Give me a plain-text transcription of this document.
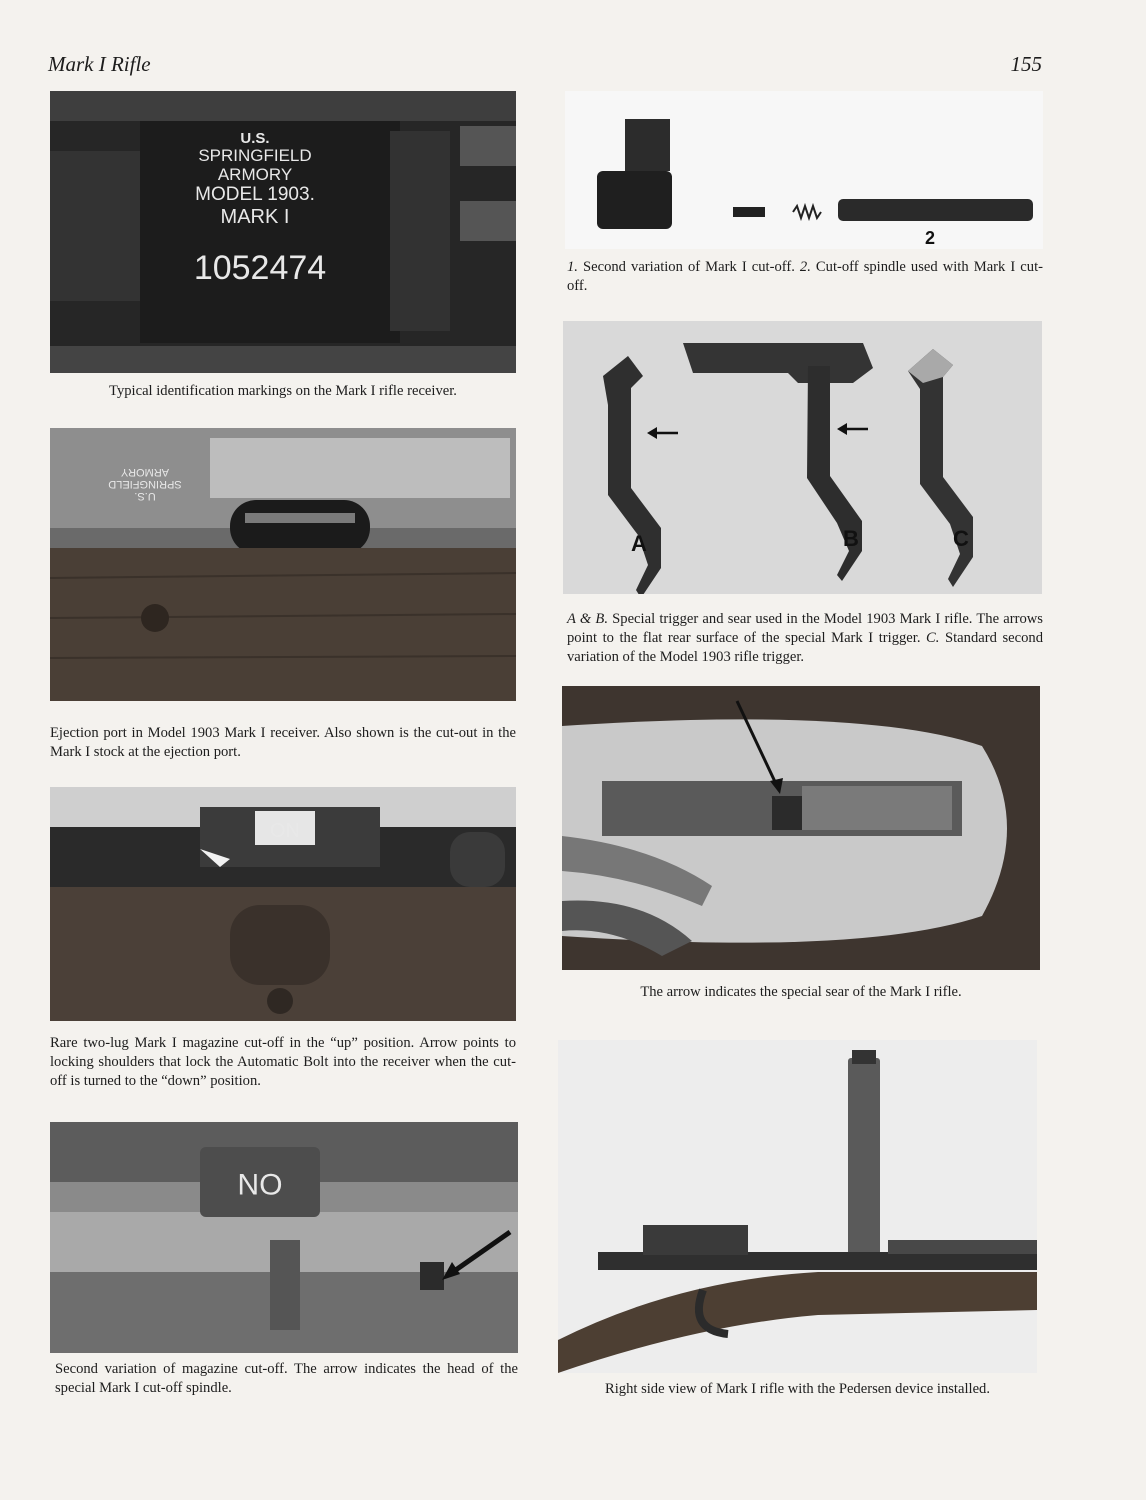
Mark I Rifle	155
U.S.
SPRINGFIELD
ARMORY
MODEL 1903.
MARK I
1052474
Typical identification markings on the Mark I rifle receiver.
U.S.
SPRINGFIELD
ARMORY
Ejection port in Model 1903 Mark I receiver. Also shown is the cut-out in the Mark I stock at the ejection port.
ON
Rare two-lug Mark I magazine cut-off in the “up” position. Arrow points to locking shoulders that lock the Automatic Bolt into the receiver when the cut-off is turned to the “down” position.
ON
Second variation of magazine cut-off. The arrow indicates the head of the special Mark I cut-off spindle.
2
1. Second variation of Mark I cut-off. 2. Cut-off spindle used with Mark I cut-off.
A	B	C
A & B. Special trigger and sear used in the Model 1903 Mark I rifle. The arrows point to the flat rear surface of the special Mark I trigger. C. Standard second variation of the Model 1903 rifle trigger.
The arrow indicates the special sear of the Mark I rifle.
Right side view of Mark I rifle with the Pedersen device installed.
